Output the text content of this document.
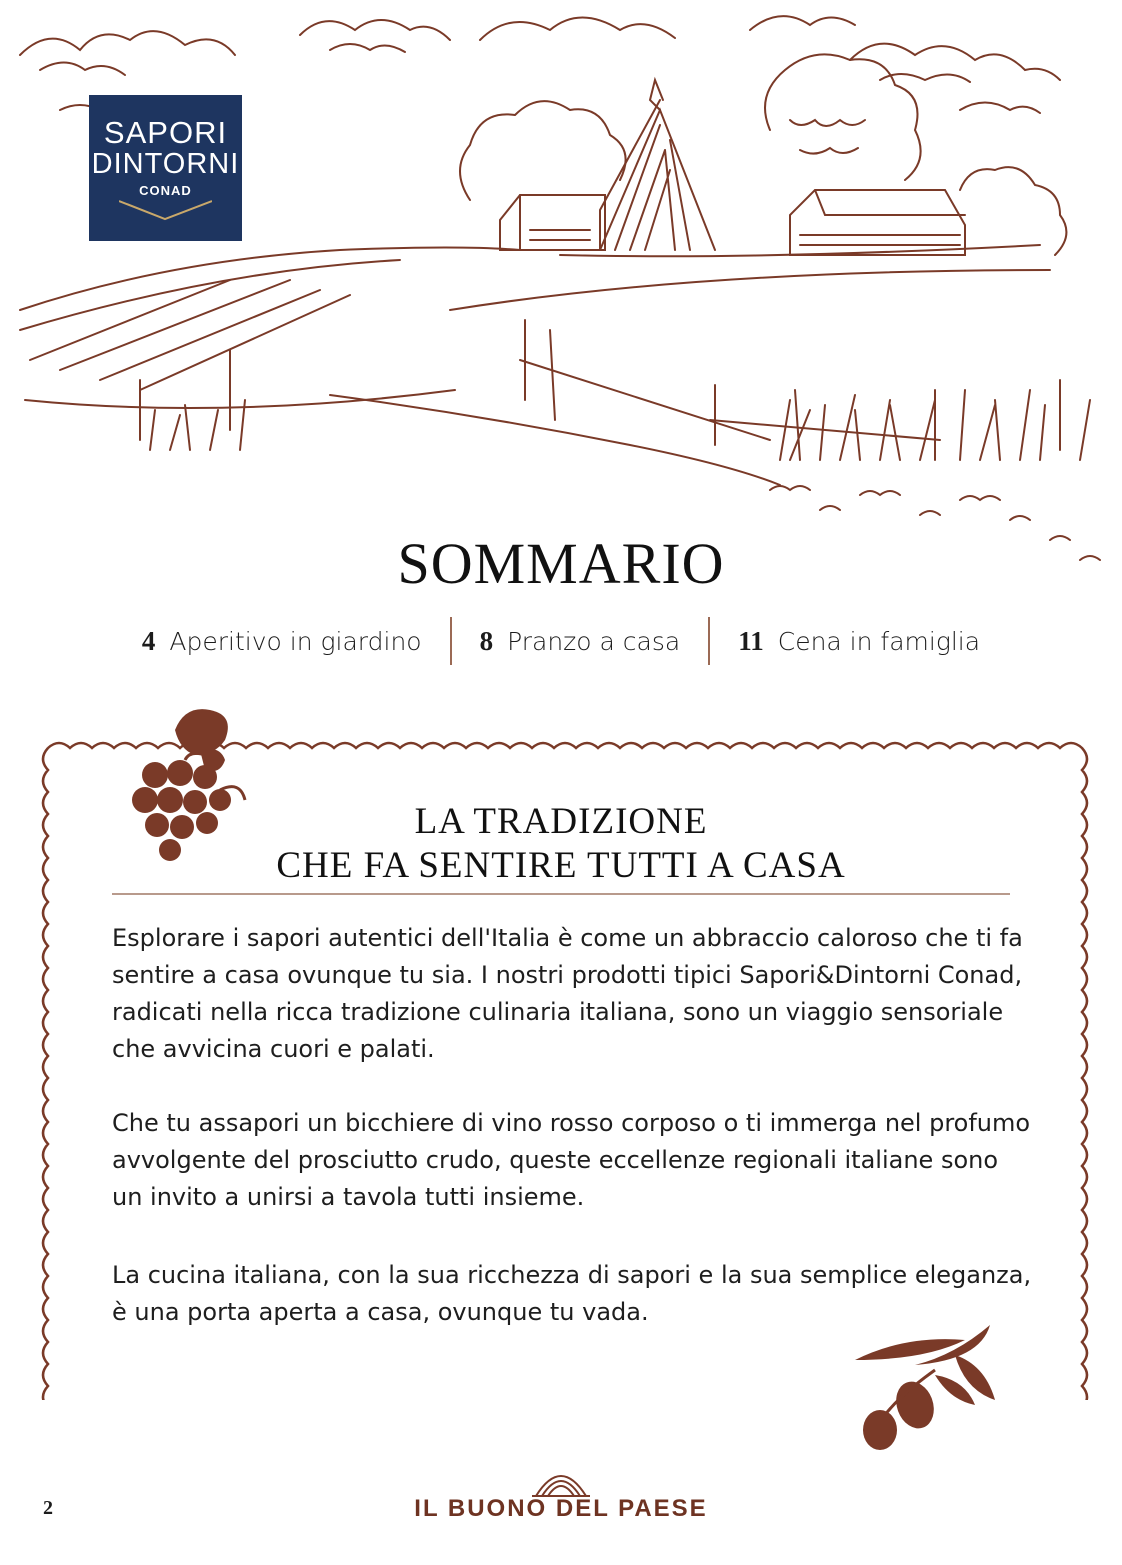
SAPORI
DINTORNI
CONAD
SOMMARIO
4 Aperitivo in giardino 8 Pranzo a casa 11 Cena in famiglia
LA TRADIZIONE
CHE FA SENTIRE TUTTI A CASA
Esplorare i sapori autentici dell'Italia è come un abbraccio caloroso che ti fa sentire a casa ovunque tu sia. I nostri prodotti tipici Sapori&Dintorni Conad, radicati nella ricca tradizione culinaria italiana, sono un viaggio sensoriale che avvicina cuori e palati.
Che tu assapori un bicchiere di vino rosso corposo o ti immerga nel profumo avvolgente del prosciutto crudo, queste eccellenze regionali italiane sono un invito a unirsi a tavola tutti insieme.
La cucina italiana, con la sua ricchezza di sapori e la sua semplice eleganza, è una porta aperta a casa, ovunque tu vada.
2	IL BUONO DEL PAESE
